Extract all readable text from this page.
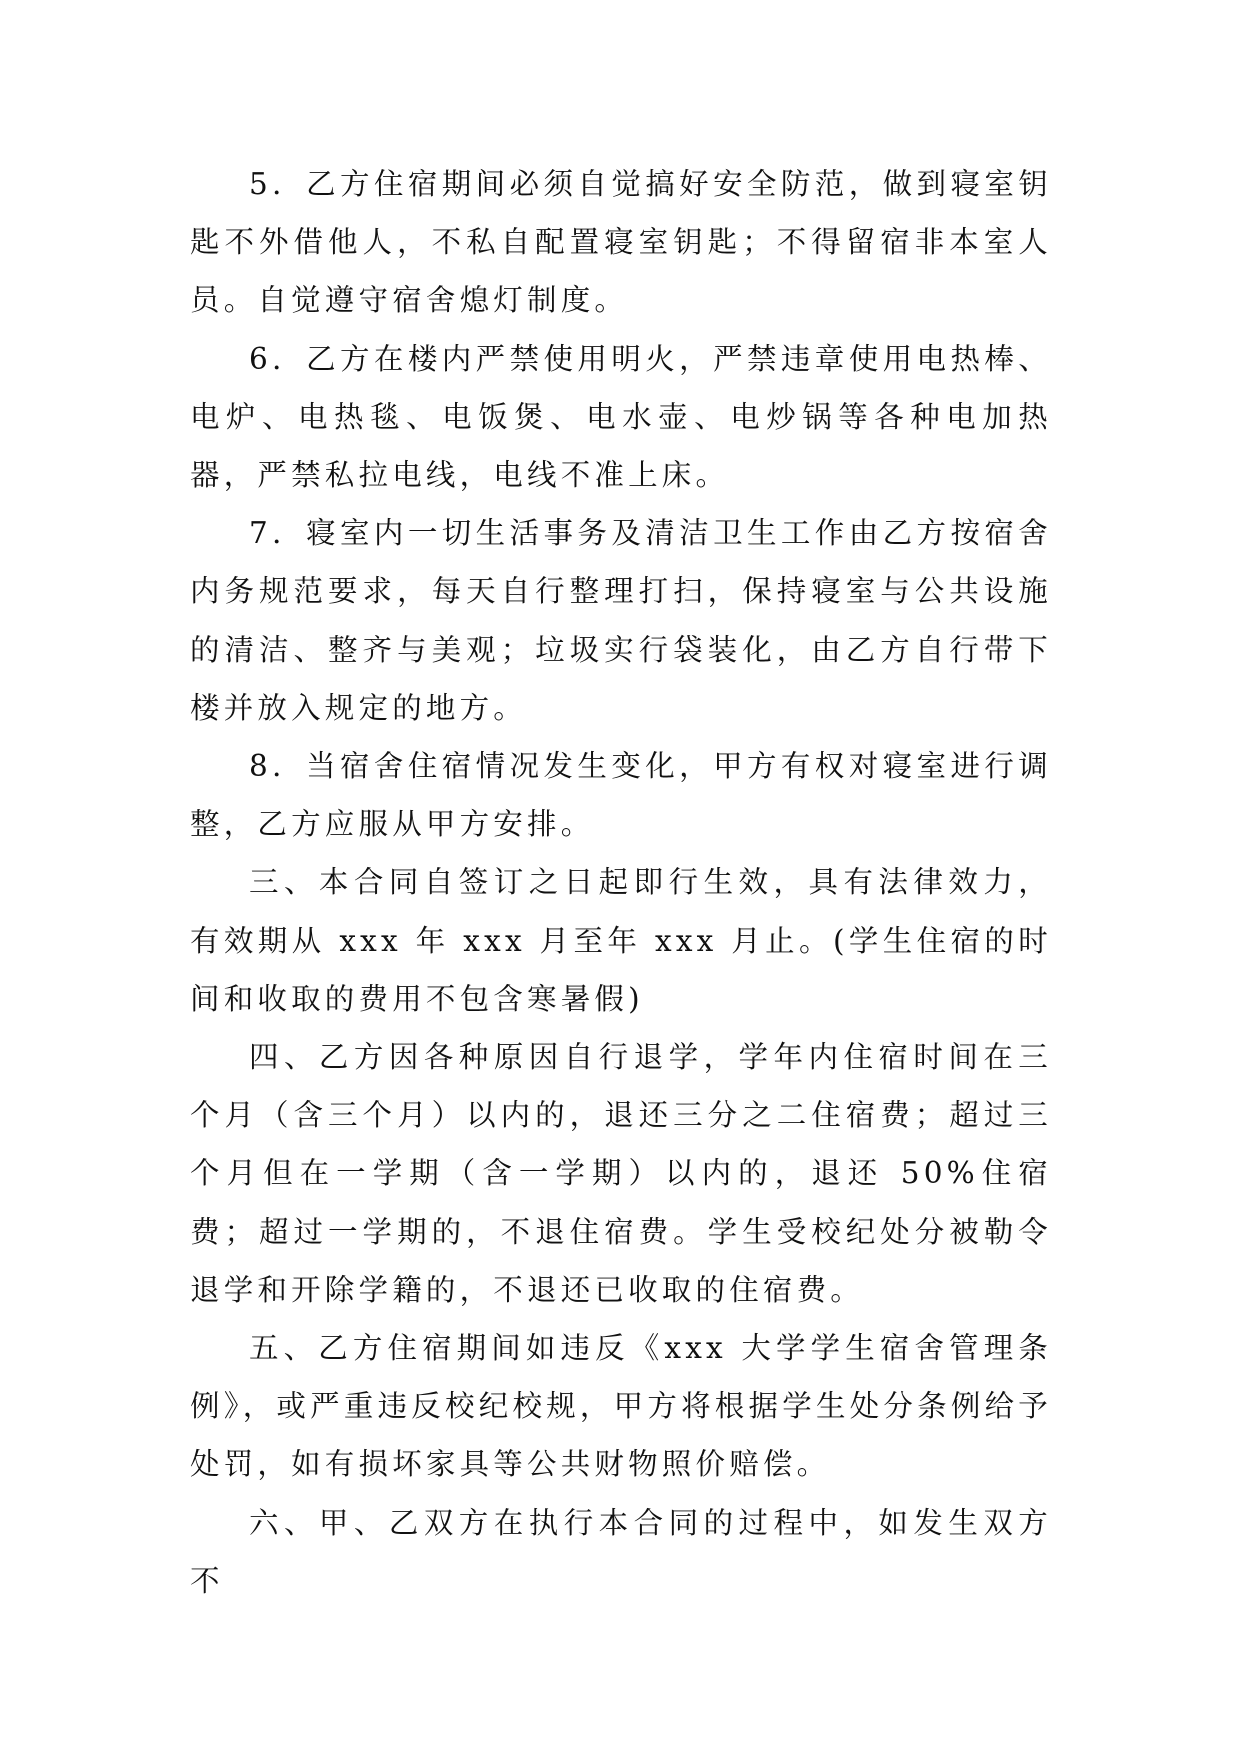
5．乙方住宿期间必须自觉搞好安全防范，做到寝室钥匙不外借他人，不私自配置寝室钥匙；不得留宿非本室人员。自觉遵守宿舍熄灯制度。

6．乙方在楼内严禁使用明火，严禁违章使用电热棒、电炉、电热毯、电饭煲、电水壶、电炒锅等各种电加热器，严禁私拉电线，电线不准上床。

7．寝室内一切生活事务及清洁卫生工作由乙方按宿舍内务规范要求，每天自行整理打扫，保持寝室与公共设施的清洁、整齐与美观；垃圾实行袋装化，由乙方自行带下楼并放入规定的地方。

8．当宿舍住宿情况发生变化，甲方有权对寝室进行调整，乙方应服从甲方安排。

三、本合同自签订之日起即行生效，具有法律效力，有效期从 xxx 年 xxx 月至年 xxx 月止。(学生住宿的时间和收取的费用不包含寒暑假)

四、乙方因各种原因自行退学，学年内住宿时间在三个月（含三个月）以内的，退还三分之二住宿费；超过三个月但在一学期（含一学期）以内的，退还 50%住宿费；超过一学期的，不退住宿费。学生受校纪处分被勒令退学和开除学籍的，不退还已收取的住宿费。

五、乙方住宿期间如违反《xxx 大学学生宿舍管理条例》，或严重违反校纪校规，甲方将根据学生处分条例给予处罚，如有损坏家具等公共财物照价赔偿。

六、甲、乙双方在执行本合同的过程中，如发生双方不
